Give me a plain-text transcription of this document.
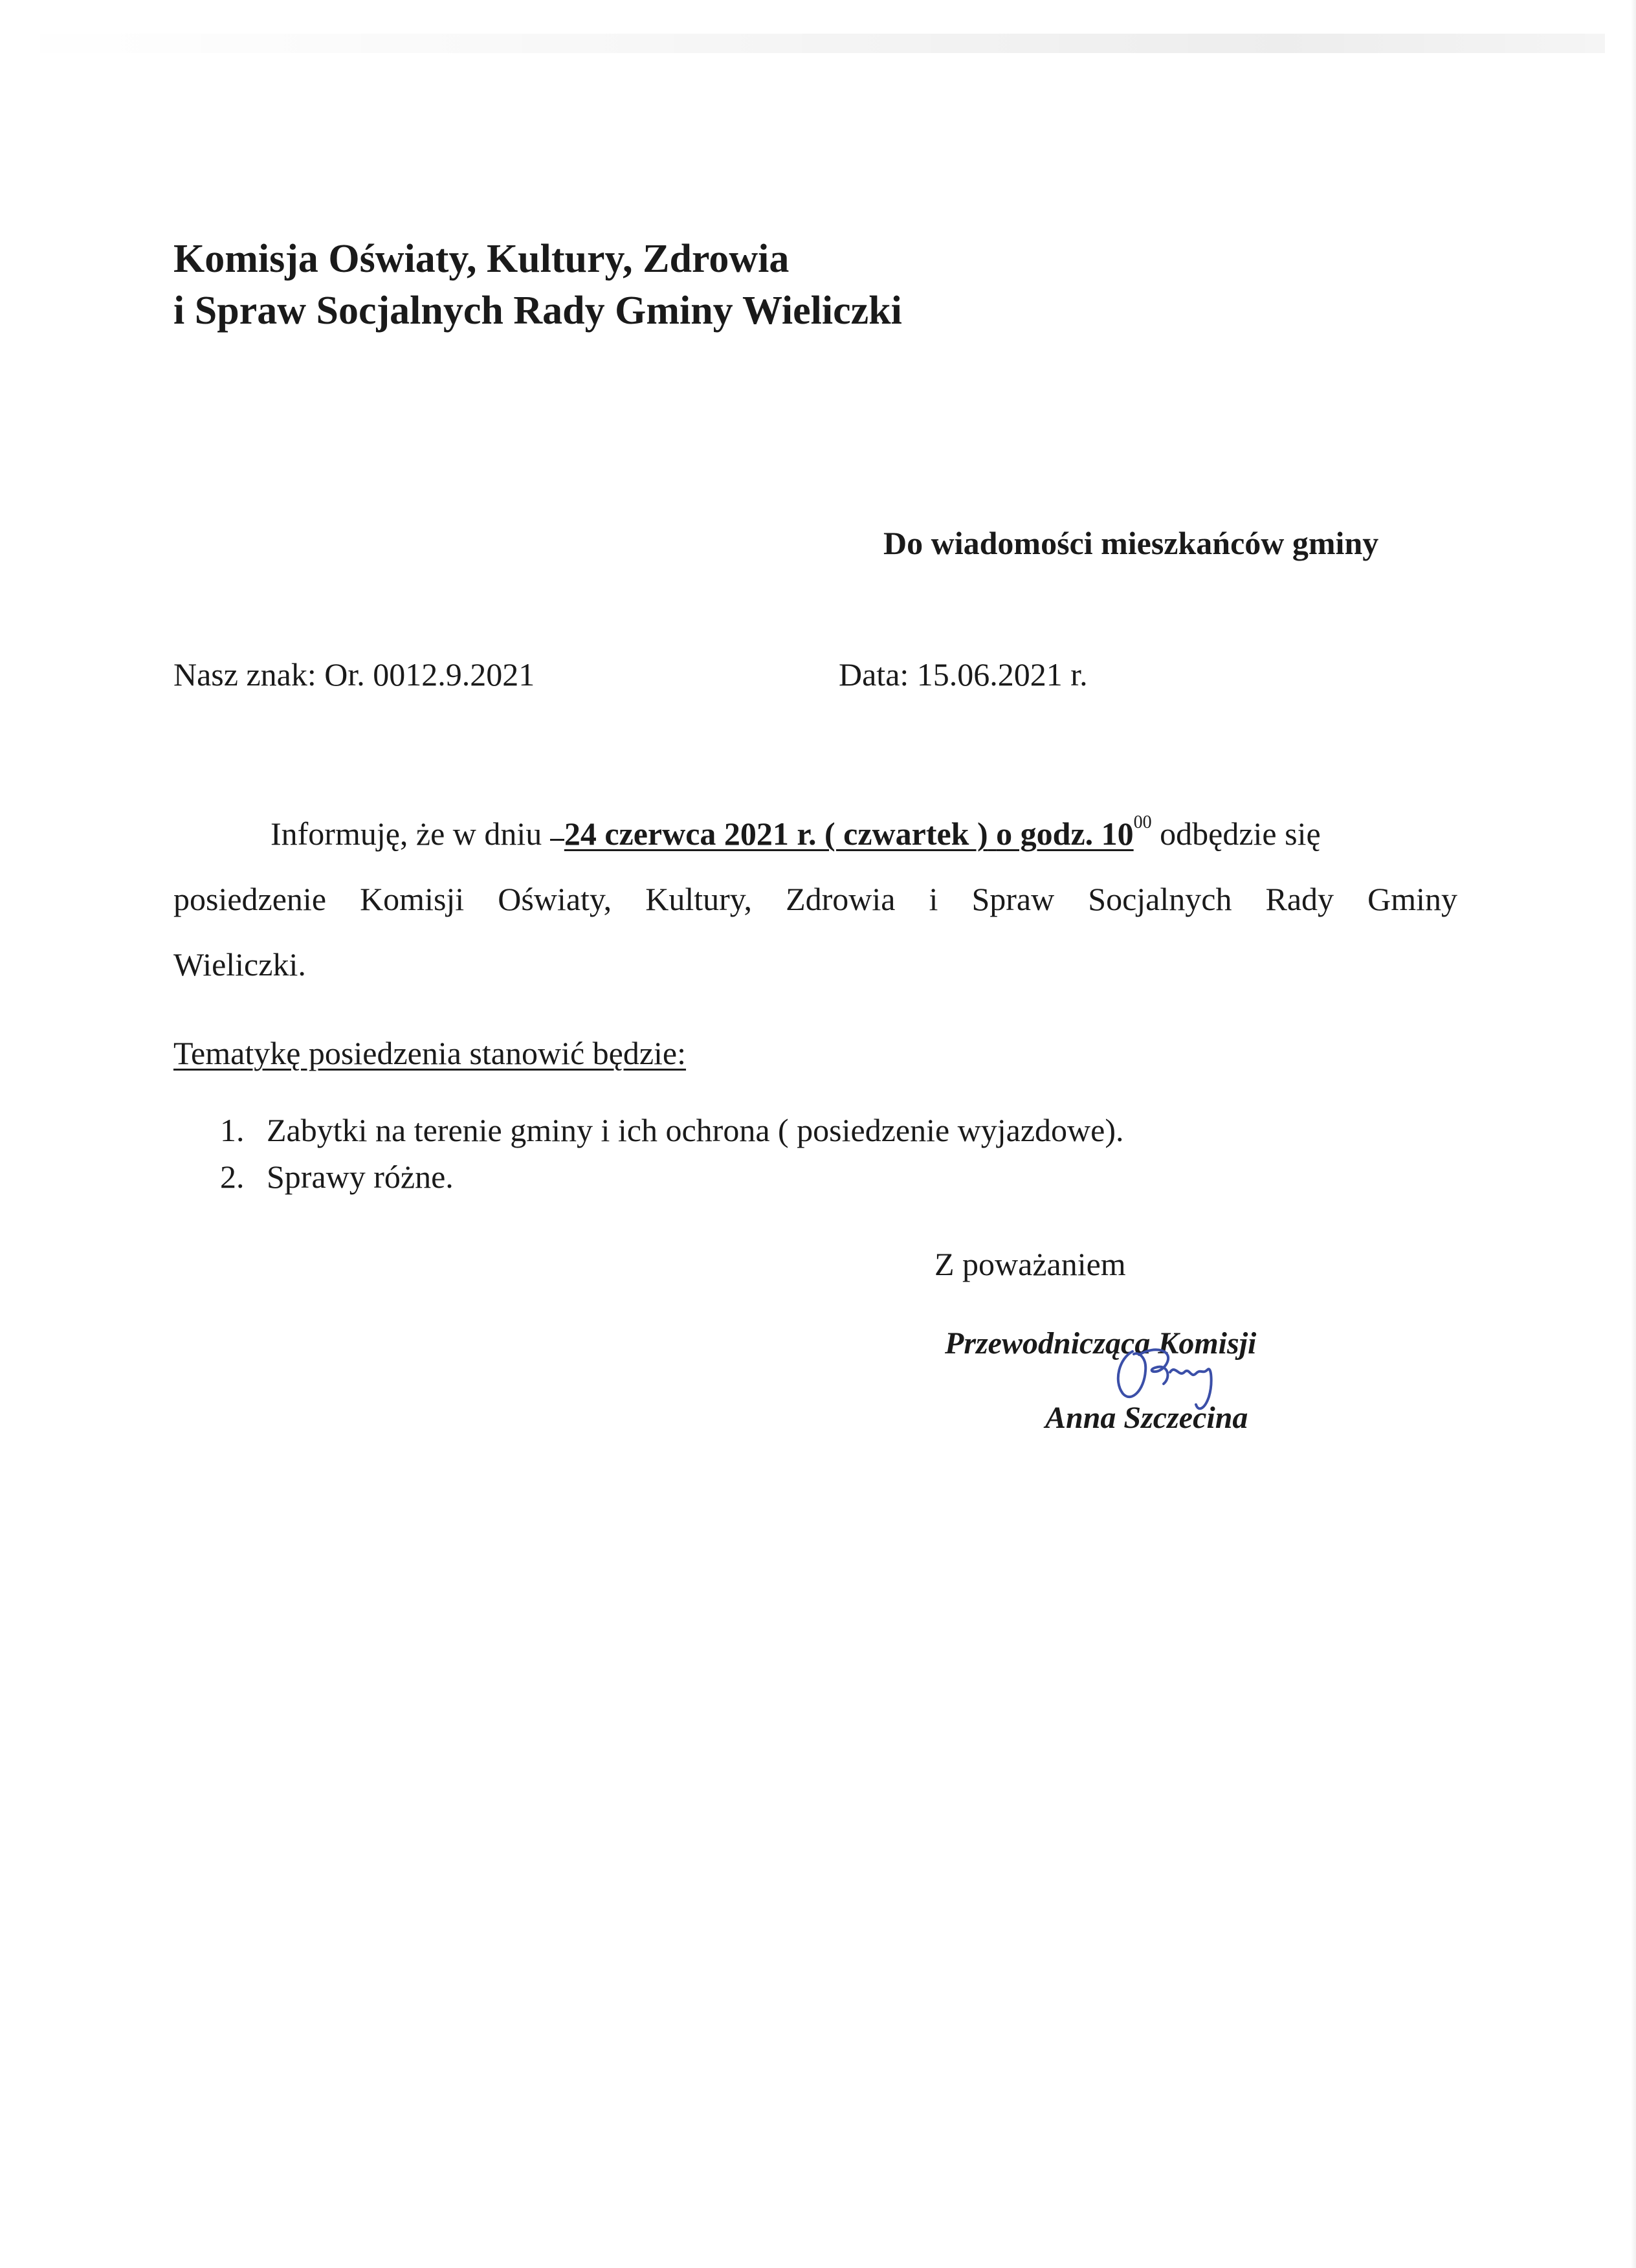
Komisja Oświaty, Kultury, Zdrowia
i Spraw Socjalnych Rady Gminy Wieliczki
Do wiadomości mieszkańców gminy
Nasz znak: Or. 0012.9.2021	Data: 15.06.2021 r.
Informuję, że w dniu 24 czerwca 2021 r. ( czwartek ) o godz. $10^{00}$ odbędzie się
posiedzenie Komisji Oświaty, Kultury, Zdrowia i Spraw Socjalnych Rady Gminy
Wieliczki.
Tematykę posiedzenia stanowić będzie:
1. Zabytki na terenie gminy i ich ochrona ( posiedzenie wyjazdowe).
2. Sprawy różne.
Z poważaniem
Przewodnicząca Komisji
Anna Szczecina
